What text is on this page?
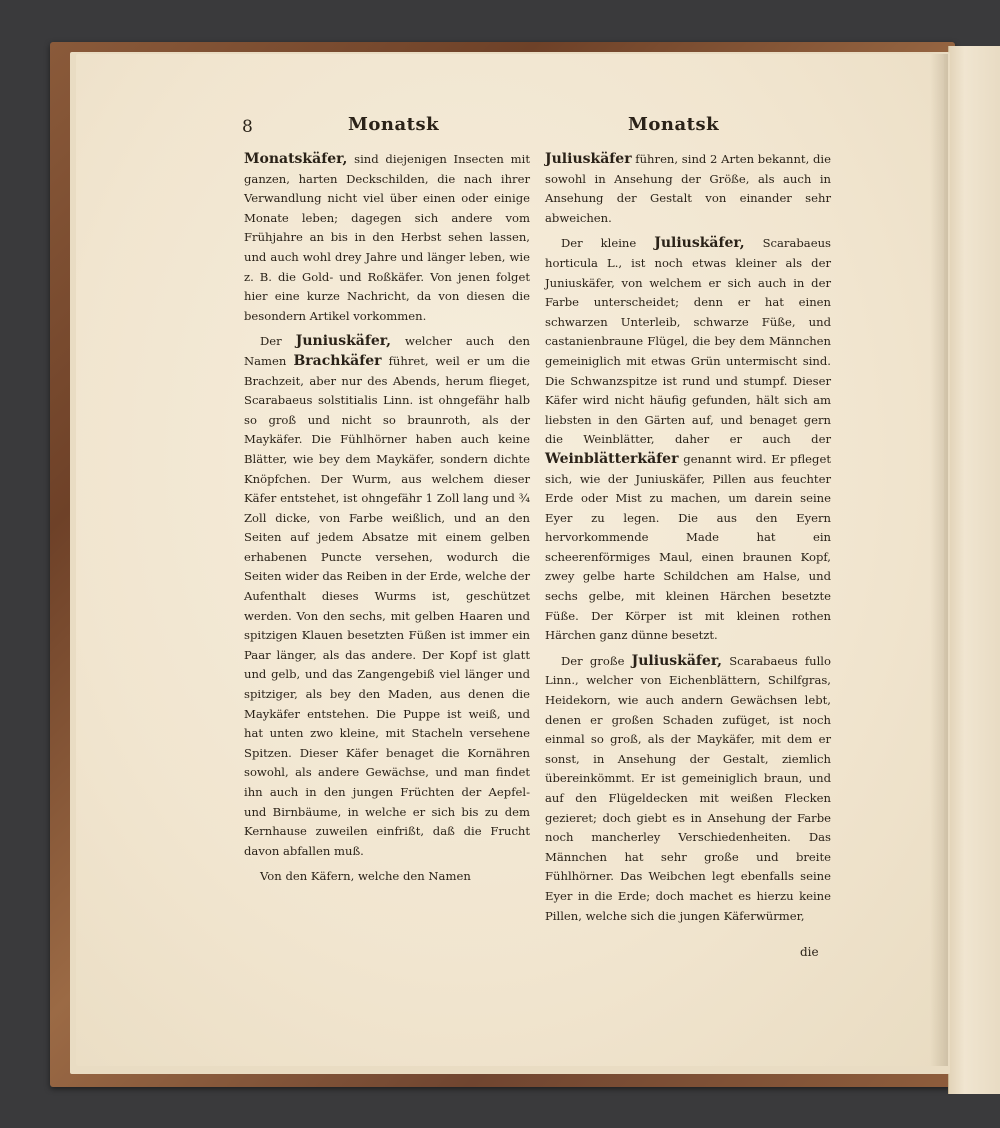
8	Monatsk	Monatsk

Monatskäfer, sind diejenigen Insecten mit ganzen, harten Deckschilden, die nach ihrer Verwandlung nicht viel über einen oder einige Monate leben; dagegen sich andere vom Frühjahre an bis in den Herbst sehen lassen, und auch wohl drey Jahre und länger leben, wie z. B. die Gold- und Roßkäfer. Von jenen folget hier eine kurze Nachricht, da von diesen die besondern Artikel vorkommen.

Der Juniuskäfer, welcher auch den Namen Brachkäfer führet, weil er um die Brachzeit, aber nur des Abends, herum flieget, Scarabaeus solstitialis Linn. ist ohngefähr halb so groß und nicht so braunroth, als der Maykäfer. Die Fühlhörner haben auch keine Blätter, wie bey dem Maykäfer, sondern dichte Knöpfchen. Der Wurm, aus welchem dieser Käfer entstehet, ist ohngefähr 1 Zoll lang und ¾ Zoll dicke, von Farbe weißlich, und an den Seiten auf jedem Absatze mit einem gelben erhabenen Puncte versehen, wodurch die Seiten wider das Reiben in der Erde, welche der Aufenthalt dieses Wurms ist, geschützet werden. Von den sechs, mit gelben Haaren und spitzigen Klauen besetzten Füßen ist immer ein Paar länger, als das andere. Der Kopf ist glatt und gelb, und das Zangengebiß viel länger und spitziger, als bey den Maden, aus denen die Maykäfer entstehen. Die Puppe ist weiß, und hat unten zwo kleine, mit Stacheln versehene Spitzen. Dieser Käfer benaget die Kornähren sowohl, als andere Gewächse, und man findet ihn auch in den jungen Früchten der Aepfel- und Birnbäume, in welche er sich bis zu dem Kernhause zuweilen einfrißt, daß die Frucht davon abfallen muß.

Von den Käfern, welche den Namen

Juliuskäfer führen, sind 2 Arten bekannt, die sowohl in Ansehung der Größe, als auch in Ansehung der Gestalt von einander sehr abweichen.

Der kleine Juliuskäfer, Scarabaeus horticula L., ist noch etwas kleiner als der Juniuskäfer, von welchem er sich auch in der Farbe unterscheidet; denn er hat einen schwarzen Unterleib, schwarze Füße, und castanienbraune Flügel, die bey dem Männchen gemeiniglich mit etwas Grün untermischt sind. Die Schwanzspitze ist rund und stumpf. Dieser Käfer wird nicht häufig gefunden, hält sich am liebsten in den Gärten auf, und benaget gern die Weinblätter, daher er auch der Weinblätterkäfer genannt wird. Er pfleget sich, wie der Juniuskäfer, Pillen aus feuchter Erde oder Mist zu machen, um darein seine Eyer zu legen. Die aus den Eyern hervorkommende Made hat ein scheerenförmiges Maul, einen braunen Kopf, zwey gelbe harte Schildchen am Halse, und sechs gelbe, mit kleinen Härchen besetzte Füße. Der Körper ist mit kleinen rothen Härchen ganz dünne besetzt.

Der große Juliuskäfer, Scarabaeus fullo Linn., welcher von Eichenblättern, Schilfgras, Heidekorn, wie auch andern Gewächsen lebt, denen er großen Schaden zufüget, ist noch einmal so groß, als der Maykäfer, mit dem er sonst, in Ansehung der Gestalt, ziemlich übereinkömmt. Er ist gemeiniglich braun, und auf den Flügeldecken mit weißen Flecken gezieret; doch giebt es in Ansehung der Farbe noch mancherley Verschiedenheiten. Das Männchen hat sehr große und breite Fühlhörner. Das Weibchen legt ebenfalls seine Eyer in die Erde; doch machet es hierzu keine Pillen, welche sich die jungen Käferwürmer,

die
